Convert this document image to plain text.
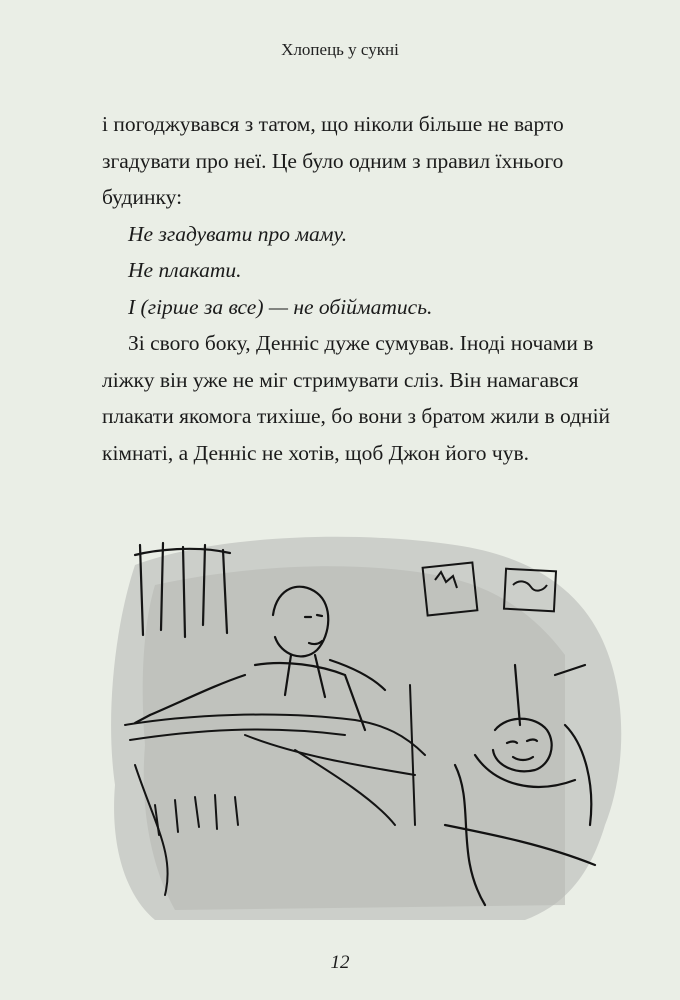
Хлопець у сукні

і погоджувався з татом, що ніколи більше не варто згадувати про неї. Це було одним з правил їхнього будинку:

Не згадувати про маму.

Не плакати.

І (гірше за все) — не обійматись.

Зі свого боку, Денніс дуже сумував. Іноді ночами в ліжку він уже не міг стримувати сліз. Він намагався плакати якомога тихіше, бо вони з братом жили в одній кімнаті, а Денніс не хотів, щоб Джон його чув.

12
